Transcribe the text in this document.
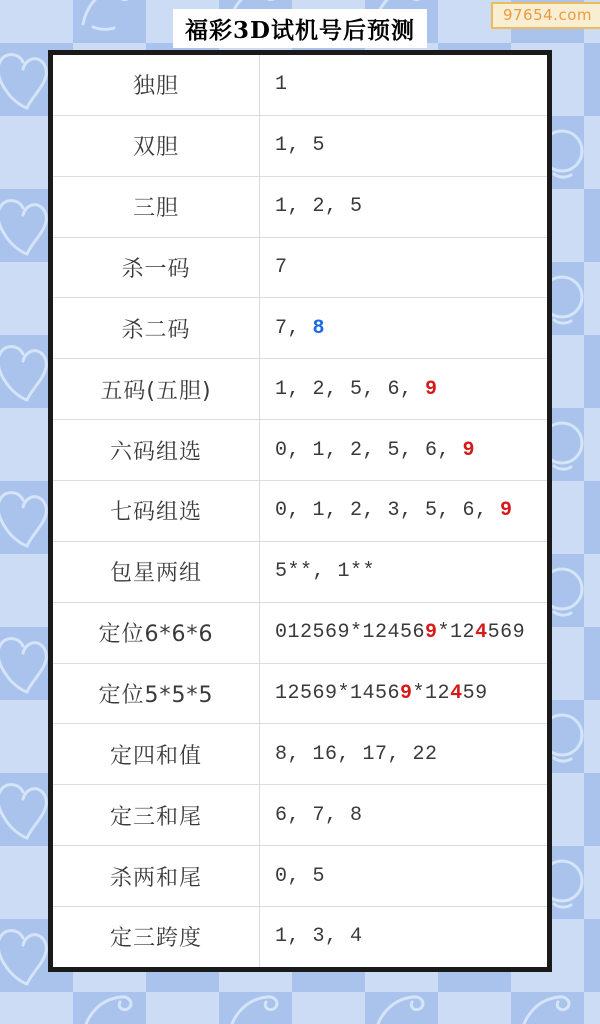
福彩3D试机号后预测
97654.com
独胆	1
双胆	1, 5
三胆	1, 2, 5
杀一码	7
杀二码	7, 8
五码(五胆)	1, 2, 5, 6, 9
六码组选	0, 1, 2, 5, 6, 9
七码组选	0, 1, 2, 3, 5, 6, 9
包星两组	5**, 1**
定位6*6*6	012569*12456 9 *12 4 569
定位5*5*5	12569*1456 9 *12 4 59
定四和值	8, 16, 17, 22
定三和尾	6, 7, 8
杀两和尾	0, 5
定三跨度	1, 3, 4
